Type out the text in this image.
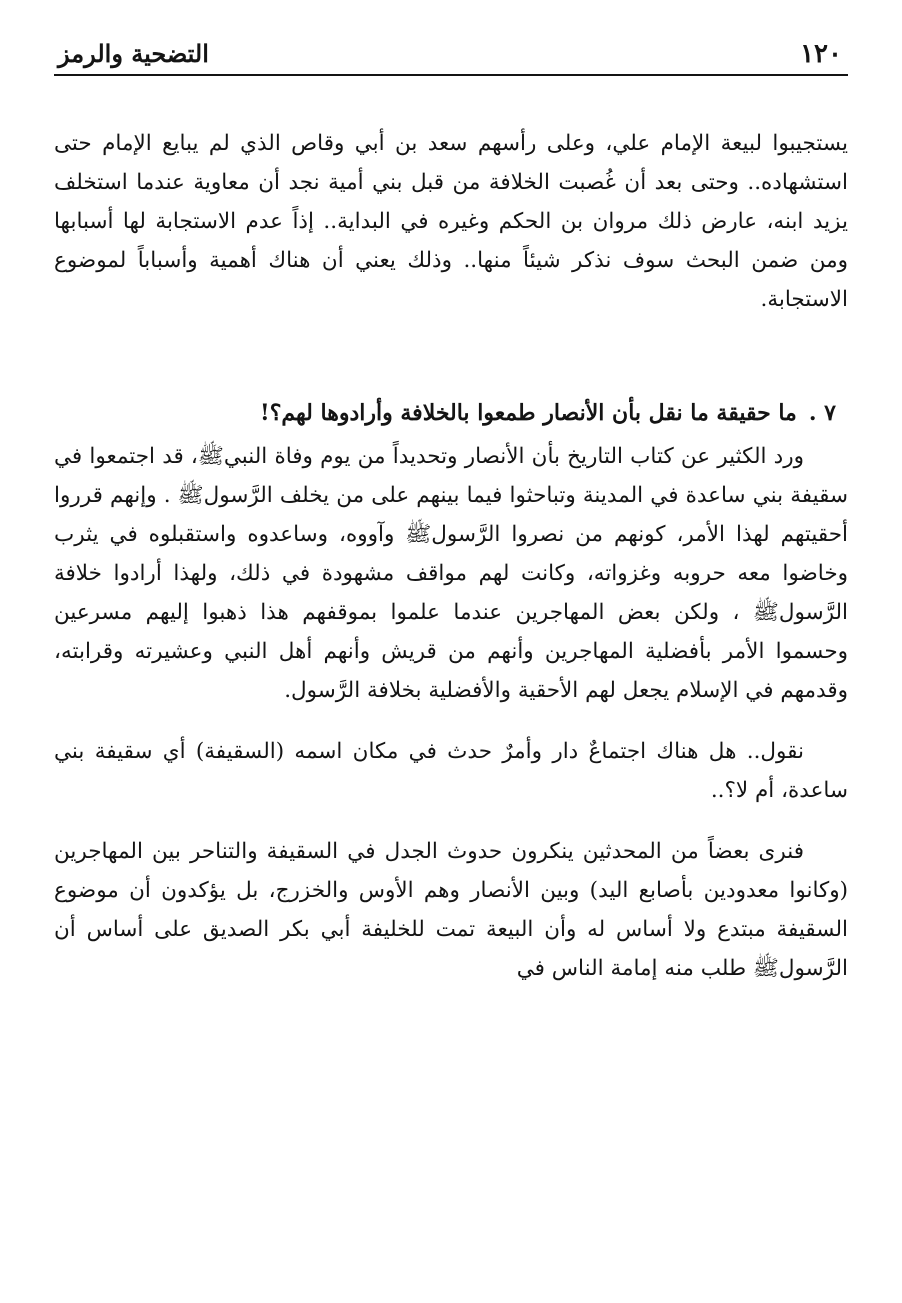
١٢٠
التضحية والرمز

يستجيبوا لبيعة الإمام علي، وعلى رأسهم سعد بن أبي وقاص الذي لم يبايع الإمام حتى استشهاده.. وحتى بعد أن غُصبت الخلافة من قبل بني أمية نجد أن معاوية عندما استخلف يزيد ابنه، عارض ذلك مروان بن الحكم وغيره في البداية.. إذاً عدم الاستجابة لها أسبابها ومن ضمن البحث سوف نذكر شيئاً منها.. وذلك يعني أن هناك أهمية وأسباباً لموضوع الاستجابة.

٧ .ما حقيقة ما نقل بأن الأنصار طمعوا بالخلافة وأرادوها لهم؟!

ورد الكثير عن كتاب التاريخ بأن الأنصار وتحديداً من يوم وفاة النبيﷺ، قد اجتمعوا في سقيفة بني ساعدة في المدينة وتباحثوا فيما بينهم على من يخلف الرَّسولﷺ . وإنهم قرروا أحقيتهم لهذا الأمر، كونهم من نصروا الرَّسولﷺ وآووه، وساعدوه واستقبلوه في يثرب وخاضوا معه حروبه وغزواته، وكانت لهم مواقف مشهودة في ذلك، ولهذا أرادوا خلافة الرَّسولﷺ ، ولكن بعض المهاجرين عندما علموا بموقفهم هذا ذهبوا إليهم مسرعين وحسموا الأمر بأفضلية المهاجرين وأنهم من قريش وأنهم أهل النبي وعشيرته وقرابته، وقدمهم في الإسلام يجعل لهم الأحقية والأفضلية بخلافة الرَّسول.

نقول.. هل هناك اجتماعٌ دار وأمرٌ حدث في مكان اسمه (السقيفة) أي سقيفة بني ساعدة، أم لا؟..

فنرى بعضاً من المحدثين ينكرون حدوث الجدل في السقيفة والتناحر بين المهاجرين (وكانوا معدودين بأصابع اليد) وبين الأنصار وهم الأوس والخزرج، بل يؤكدون أن موضوع السقيفة مبتدع ولا أساس له وأن البيعة تمت للخليفة أبي بكر الصديق على أساس أن الرَّسولﷺ طلب منه إمامة الناس في
